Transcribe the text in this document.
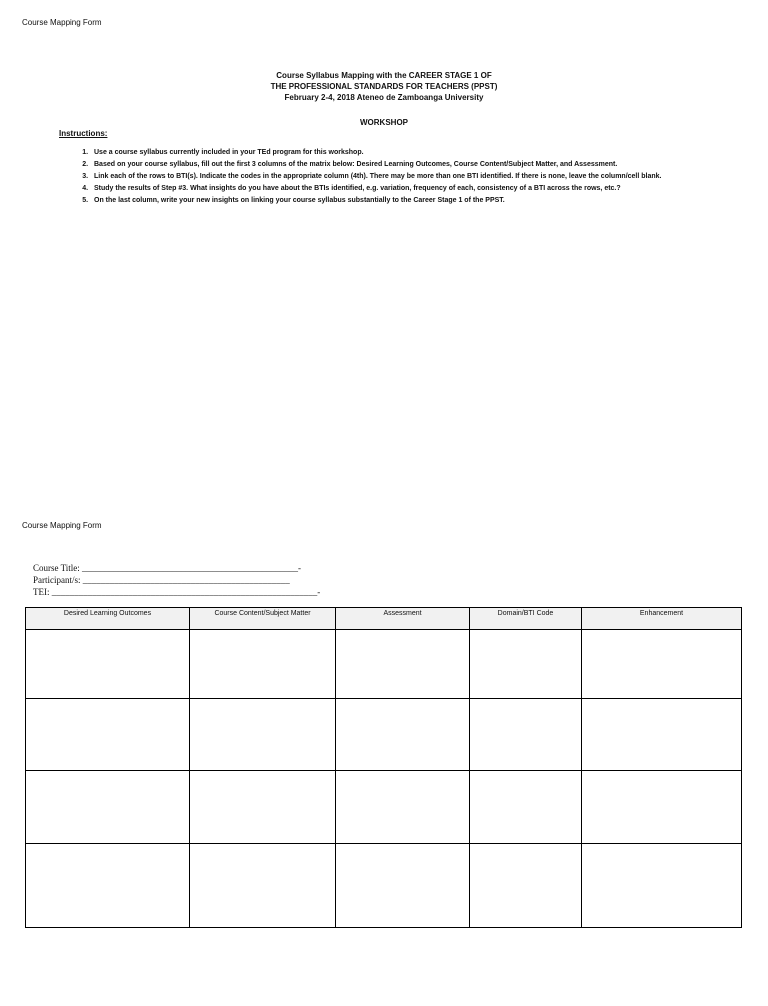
Course Mapping Form
Course Syllabus Mapping with the CAREER STAGE 1 OF
THE PROFESSIONAL STANDARDS FOR TEACHERS (PPST)
February 2-4, 2018 Ateneo de Zamboanga University
WORKSHOP
Instructions:
1. Use a course syllabus currently included in your TEd program for this workshop.
2. Based on your course syllabus, fill out the first 3 columns of the matrix below: Desired Learning Outcomes, Course Content/Subject Matter, and Assessment.
3. Link each of the rows to BTI(s). Indicate the codes in the appropriate column (4th). There may be more than one BTI identified. If there is none, leave the column/cell blank.
4. Study the results of Step #3. What insights do you have about the BTIs identified, e.g. variation, frequency of each, consistency of a BTI across the rows, etc.?
5. On the last column, write your new insights on linking your course syllabus substantially to the Career Stage 1 of the PPST.
Course Mapping Form
Course Title: ________________________________________________-
Participant/s: ______________________________________________
TEI: ___________________________________________________________-
Desired Learning Outcomes	Course Content/Subject Matter	Assessment	Domain/BTI Code	Enhancement
